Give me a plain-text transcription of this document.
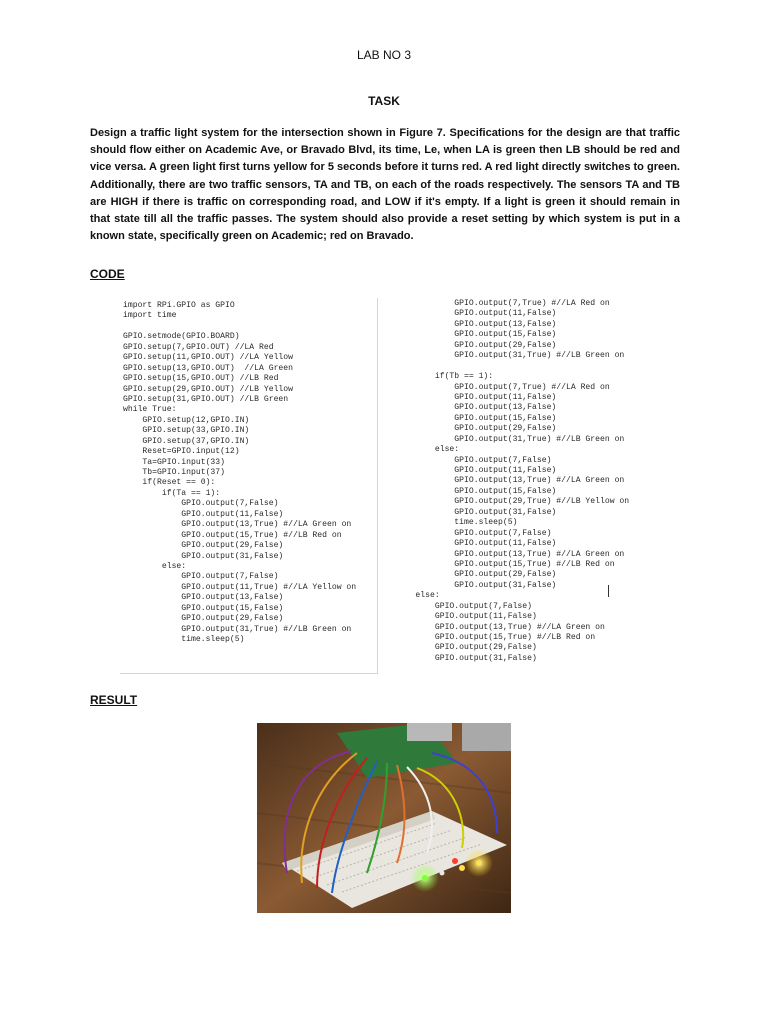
LAB NO 3
TASK
Design a traffic light system for the intersection shown in Figure 7. Specifications for the design are that traffic should flow either on Academic Ave, or Bravado Blvd, its time, Le, when LA is green then LB should be red and vice versa. A green light first turns yellow for 5 seconds before it turns red. A red light directly switches to green. Additionally, there are two traffic sensors, TA and TB, on each of the roads respectively. The sensors TA and TB are HIGH if there is traffic on corresponding road, and LOW if it's empty. If a light is green it should remain in that state till all the traffic passes. The system should also provide a reset setting by which system is put in a known state, specifically green on Academic; red on Bravado.
CODE
import RPi.GPIO as GPIO
import time
GPIO.setmode(GPIO.BOARD)
GPIO.setup(7,GPIO.OUT) //LA Red
GPIO.setup(11,GPIO.OUT) //LA Yellow
GPIO.setup(13,GPIO.OUT)  //LA Green
GPIO.setup(15,GPIO.OUT) //LB Red
GPIO.setup(29,GPIO.OUT) //LB Yellow
GPIO.setup(31,GPIO.OUT) //LB Green
while True:
GPIO.setup(12,GPIO.IN)
GPIO.setup(33,GPIO.IN)
GPIO.setup(37,GPIO.IN)
Reset=GPIO.input(12)
Ta=GPIO.input(33)
Tb=GPIO.input(37)
if(Reset == 0):
if(Ta == 1):
GPIO.output(7,False)
GPIO.output(11,False)
GPIO.output(13,True) #//LA Green on
GPIO.output(15,True) #//LB Red on
GPIO.output(29,False)
GPIO.output(31,False)
else:
GPIO.output(7,False)
GPIO.output(11,True) #//LA Yellow on
GPIO.output(13,False)
GPIO.output(15,False)
GPIO.output(29,False)
GPIO.output(31,True) #//LB Green on
time.sleep(5)
GPIO.output(7,True) #//LA Red on
GPIO.output(11,False)
GPIO.output(13,False)
GPIO.output(15,False)
GPIO.output(29,False)
GPIO.output(31,True) #//LB Green on
if(Tb == 1):
GPIO.output(7,True) #//LA Red on
GPIO.output(11,False)
GPIO.output(13,False)
GPIO.output(15,False)
GPIO.output(29,False)
GPIO.output(31,True) #//LB Green on
else:
GPIO.output(7,False)
GPIO.output(11,False)
GPIO.output(13,True) #//LA Green on
GPIO.output(15,False)
GPIO.output(29,True) #//LB Yellow on
GPIO.output(31,False)
time.sleep(5)
GPIO.output(7,False)
GPIO.output(11,False)
GPIO.output(13,True) #//LA Green on
GPIO.output(15,True) #//LB Red on
GPIO.output(29,False)
GPIO.output(31,False)
else:
GPIO.output(7,False)
GPIO.output(11,False)
GPIO.output(13,True) #//LA Green on
GPIO.output(15,True) #//LB Red on
GPIO.output(29,False)
GPIO.output(31,False)
RESULT
